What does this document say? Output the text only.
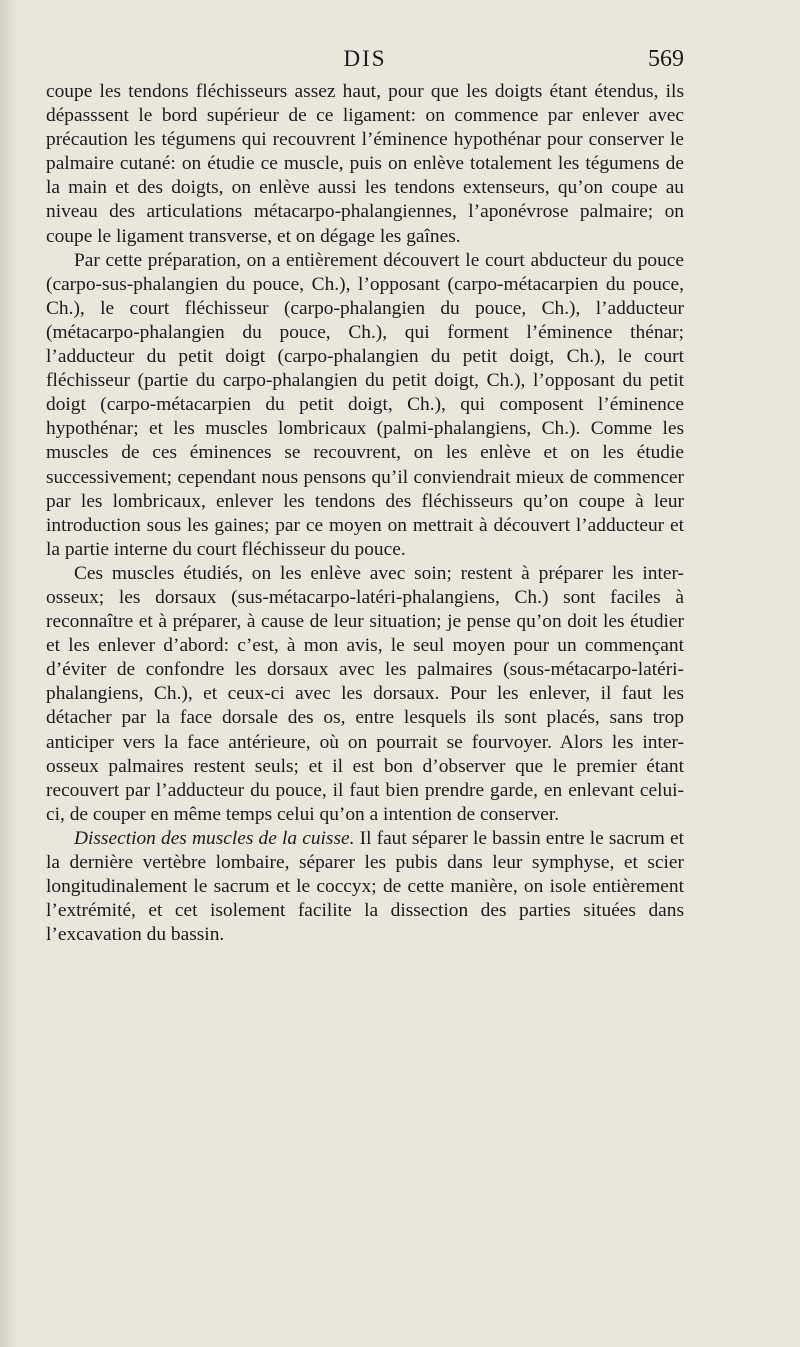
DIS	569

coupe les tendons fléchisseurs assez haut, pour que les doigts étant étendus, ils dépasssent le bord supérieur de ce ligament: on commence par enlever avec précaution les tégumens qui recouvrent l’éminence hypothénar pour conserver le palmaire cutané: on étudie ce muscle, puis on enlève totalement les tégumens de la main et des doigts, on enlève aussi les tendons extenseurs, qu’on coupe au niveau des articulations métacarpo-phalangiennes, l’aponévrose palmaire; on coupe le ligament transverse, et on dégage les gaînes.

Par cette préparation, on a entièrement découvert le court abducteur du pouce (carpo-sus-phalangien du pouce, Ch.), l’opposant (carpo-métacarpien du pouce, Ch.), le court fléchisseur (carpo-phalangien du pouce, Ch.), l’adducteur (métacarpo-phalangien du pouce, Ch.), qui forment l’éminence thénar; l’adducteur du petit doigt (carpo-phalangien du petit doigt, Ch.), le court fléchisseur (partie du carpo-phalangien du petit doigt, Ch.), l’opposant du petit doigt (carpo-métacarpien du petit doigt, Ch.), qui composent l’éminence hypothénar; et les muscles lombricaux (palmi-phalangiens, Ch.). Comme les muscles de ces éminences se recouvrent, on les enlève et on les étudie successivement; cependant nous pensons qu’il conviendrait mieux de commencer par les lombricaux, enlever les tendons des fléchisseurs qu’on coupe à leur introduction sous les gaines; par ce moyen on mettrait à découvert l’adducteur et la partie interne du court fléchisseur du pouce.

Ces muscles étudiés, on les enlève avec soin; restent à préparer les inter-osseux; les dorsaux (sus-métacarpo-latéri-phalangiens, Ch.) sont faciles à reconnaître et à préparer, à cause de leur situation; je pense qu’on doit les étudier et les enlever d’abord: c’est, à mon avis, le seul moyen pour un commençant d’éviter de confondre les dorsaux avec les palmaires (sous-métacarpo-latéri-phalangiens, Ch.), et ceux-ci avec les dorsaux. Pour les enlever, il faut les détacher par la face dorsale des os, entre lesquels ils sont placés, sans trop anticiper vers la face antérieure, où on pourrait se fourvoyer. Alors les inter-osseux palmaires restent seuls; et il est bon d’observer que le premier étant recouvert par l’adducteur du pouce, il faut bien prendre garde, en enlevant celui-ci, de couper en même temps celui qu’on a intention de conserver.

Dissection des muscles de la cuisse. Il faut séparer le bassin entre le sacrum et la dernière vertèbre lombaire, séparer les pubis dans leur symphyse, et scier longitudinalement le sacrum et le coccyx; de cette manière, on isole entièrement l’extrémité, et cet isolement facilite la dissection des parties situées dans l’excavation du bassin.
